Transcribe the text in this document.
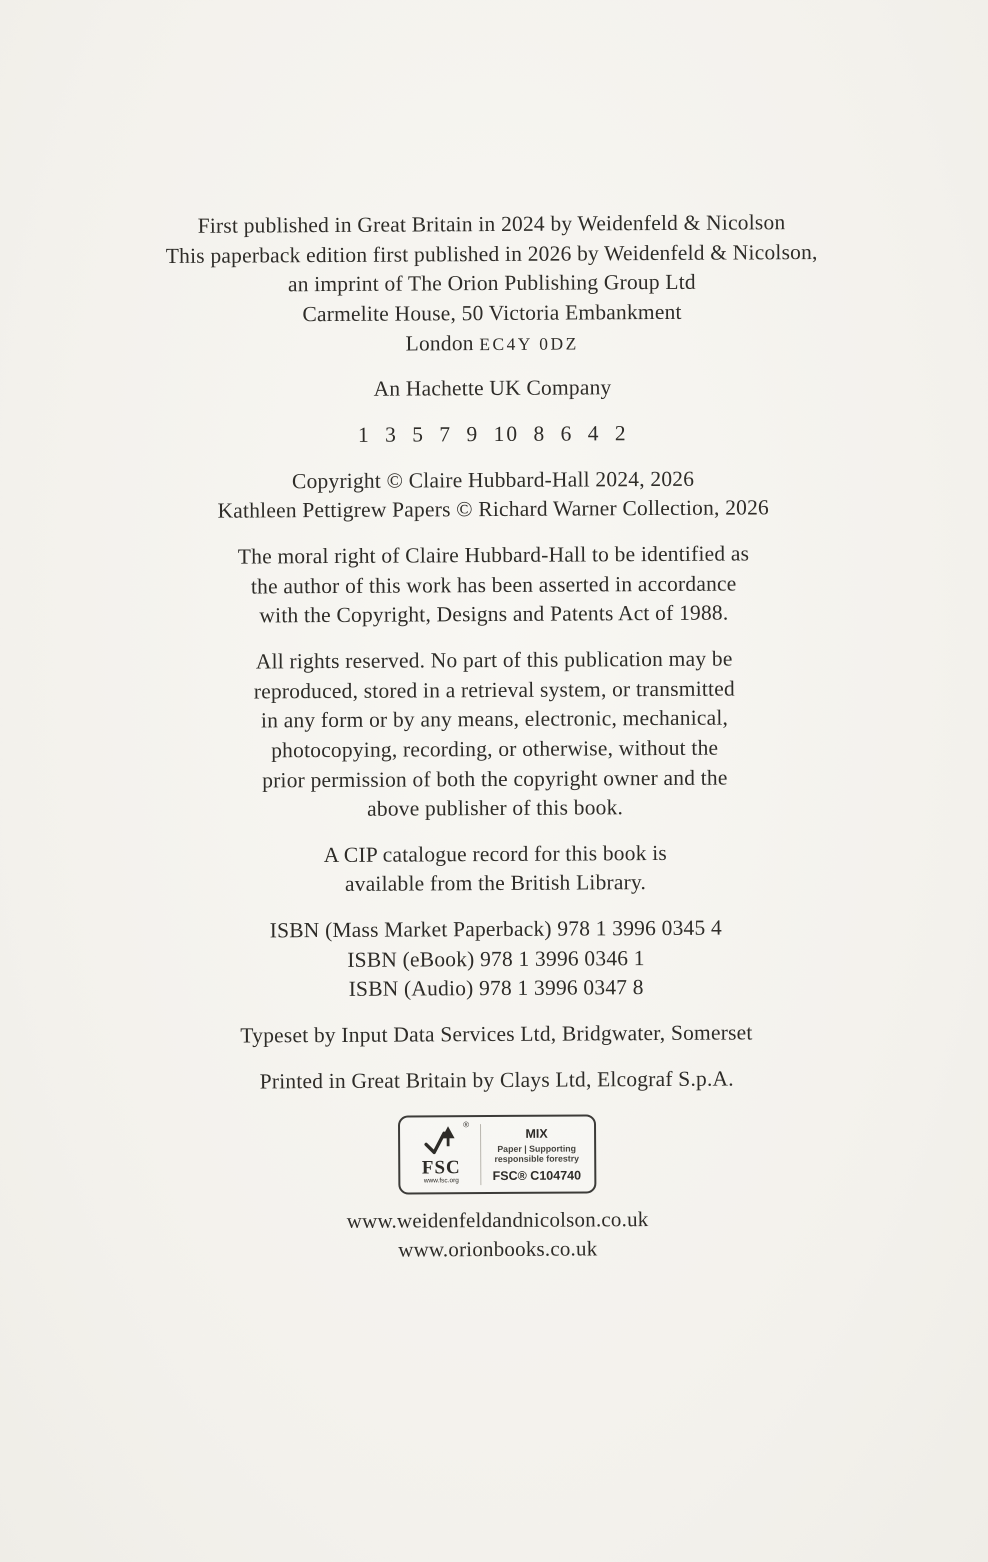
First published in Great Britain in 2024 by Weidenfeld & Nicolson
This paperback edition first published in 2026 by Weidenfeld & Nicolson,
an imprint of The Orion Publishing Group Ltd
Carmelite House, 50 Victoria Embankment
London EC4Y 0DZ
An Hachette UK Company
1 3 5 7 9 10 8 6 4 2
Copyright © Claire Hubbard-Hall 2024, 2026
Kathleen Pettigrew Papers © Richard Warner Collection, 2026
The moral right of Claire Hubbard-Hall to be identified as
the author of this work has been asserted in accordance
with the Copyright, Designs and Patents Act of 1988.
All rights reserved. No part of this publication may be
reproduced, stored in a retrieval system, or transmitted
in any form or by any means, electronic, mechanical,
photocopying, recording, or otherwise, without the
prior permission of both the copyright owner and the
above publisher of this book.
A CIP catalogue record for this book is
available from the British Library.
ISBN (Mass Market Paperback) 978 1 3996 0345 4
ISBN (eBook) 978 1 3996 0346 1
ISBN (Audio) 978 1 3996 0347 8
Typeset by Input Data Services Ltd, Bridgwater, Somerset
Printed in Great Britain by Clays Ltd, Elcograf S.p.A.
®
FSC
www.fsc.org
MIX
Paper | Supporting
responsible forestry
FSC® C104740
www.weidenfeldandnicolson.co.uk
www.orionbooks.co.uk
